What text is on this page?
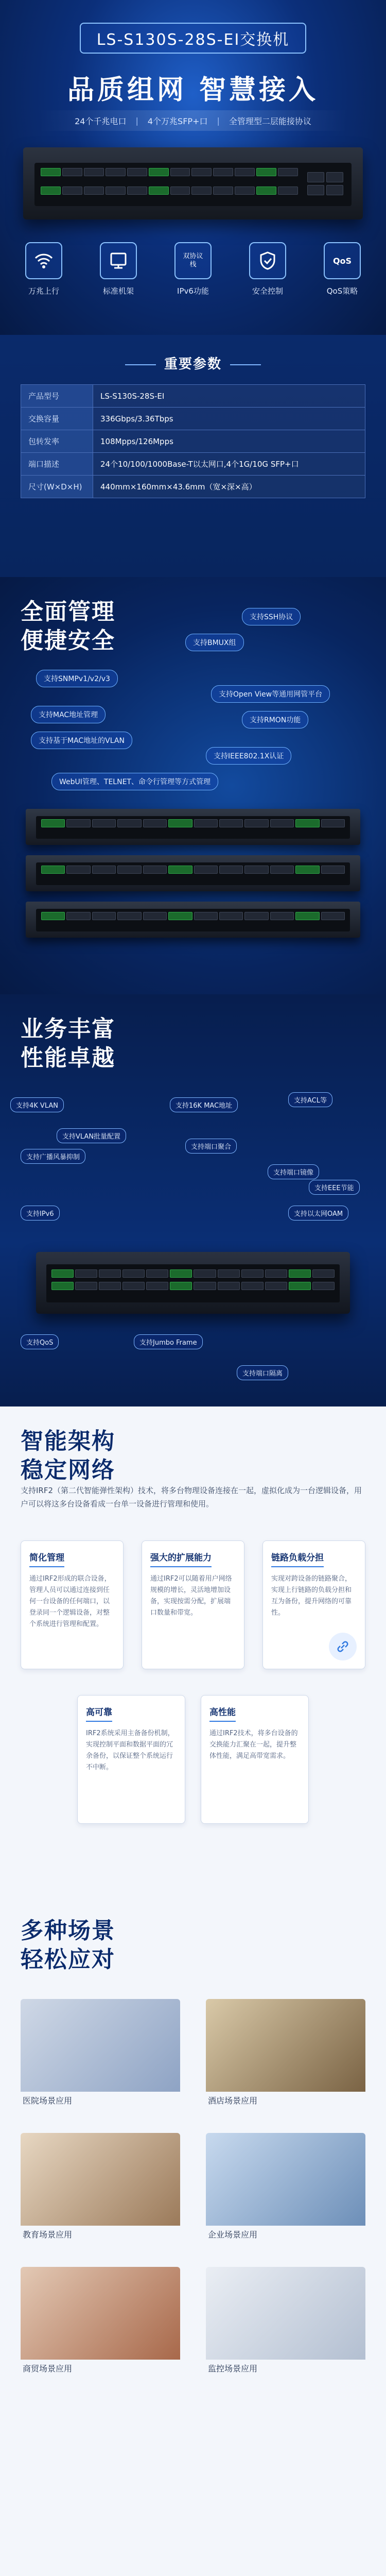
LS-S130S-28S-EI交换机
品质组网 智慧接入
24个千兆电口 | 4个万兆SFP+口 | 全管理型二层能接协议
万兆上行	标准机架
双协议
栈
IPv6功能	安全控制
QoS
QoS策略
重要参数
产品型号	LS-S130S-28S-EI
交换容量	336Gbps/3.36Tbps
包转发率	108Mpps/126Mpps
端口描述	24个10/100/1000Base-T以太网口,4个1G/10G SFP+口
尺寸(W×D×H)	440mm×160mm×43.6mm（宽×深×高）
全面管理
便捷安全
支持SSH协议
支持SNMPv1/v2/v3
支持Open View等通用网管平台
支持MAC地址管理
支持RMON功能
支持基于MAC地址的VLAN
支持IEEE802.1X认证
WebUI管理、TELNET、命令行管理等方式管理
支持BMUX组
业务丰富
性能卓越
支持4K VLAN	支持16K MAC地址
支持ACL等
支持VLAN批量配置
支持端口聚合
支持广播风暴抑制
支持端口镜像
支持EEE节能
支持IPv6	支持以太网OAM
支持QoS	支持Jumbo Frame
支持端口隔离
智能架构
稳定网络
支持IRF2（第二代智能弹性架构）技术，将多台物理设备连接在一起，虚拟化成为一台逻辑设备，用户可以将这多台设备看成一台单一设备进行管理和使用。
简化管理
通过IRF2形成的联合设备，管理人员可以通过连接到任何一台设备的任何端口，以登录同一个逻辑设备，对整个系统进行管理和配置。
强大的扩展能力
通过IRF2可以随着用户网络规模的增长，灵活地增加设备，实现按需分配，扩展端口数量和带宽。
链路负载分担
实现对跨设备的链路聚合，实现上行链路的负载分担和互为备份，提升网络的可靠性。
高可靠
IRF2系统采用主备备份机制，实现控制平面和数据平面的冗余备份，以保证整个系统运行不中断。
高性能
通过IRF2技术，将多台设备的交换能力汇聚在一起，提升整体性能，满足高带宽需求。
多种场景
轻松应对
医院场景应用	酒店场景应用
教育场景应用	企业场景应用
商贸场景应用	监控场景应用
